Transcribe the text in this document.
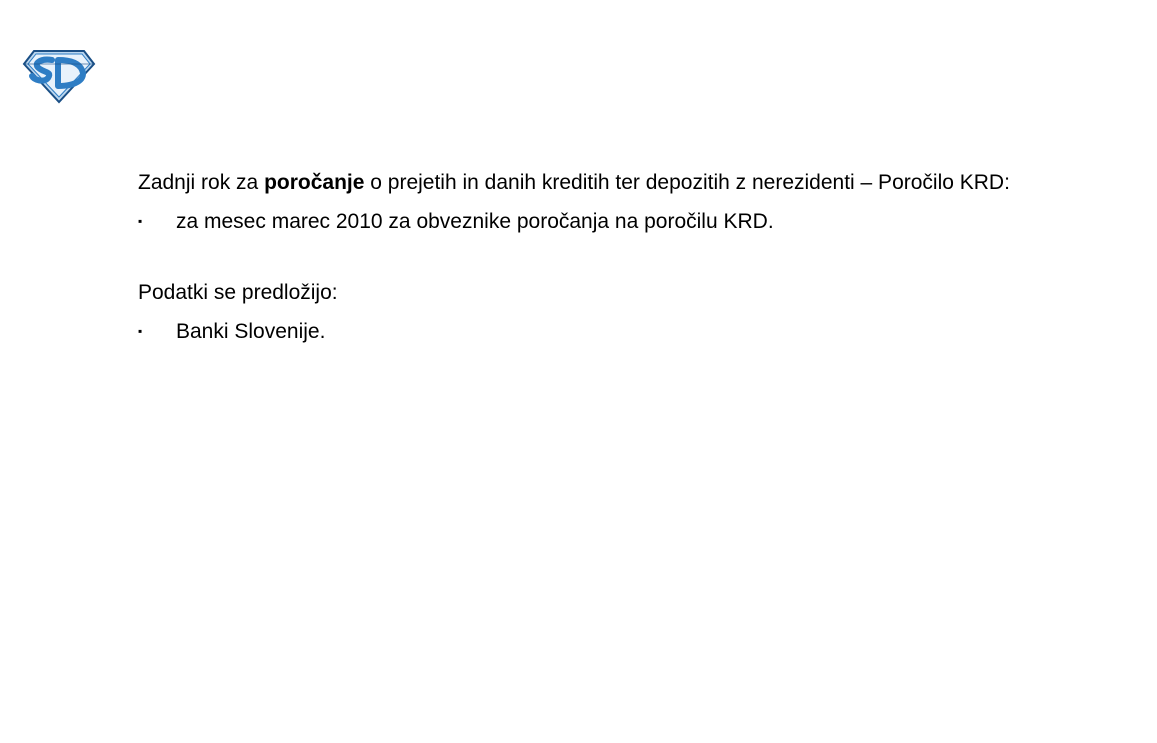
Zadnji rok za poročanje o prejetih in danih kreditih ter depozitih z nerezidenti – Poročilo KRD:

▪	za mesec marec 2010 za obveznike poročanja na poročilu KRD.

Podatki se predložijo:

▪	Banki Slovenije.
